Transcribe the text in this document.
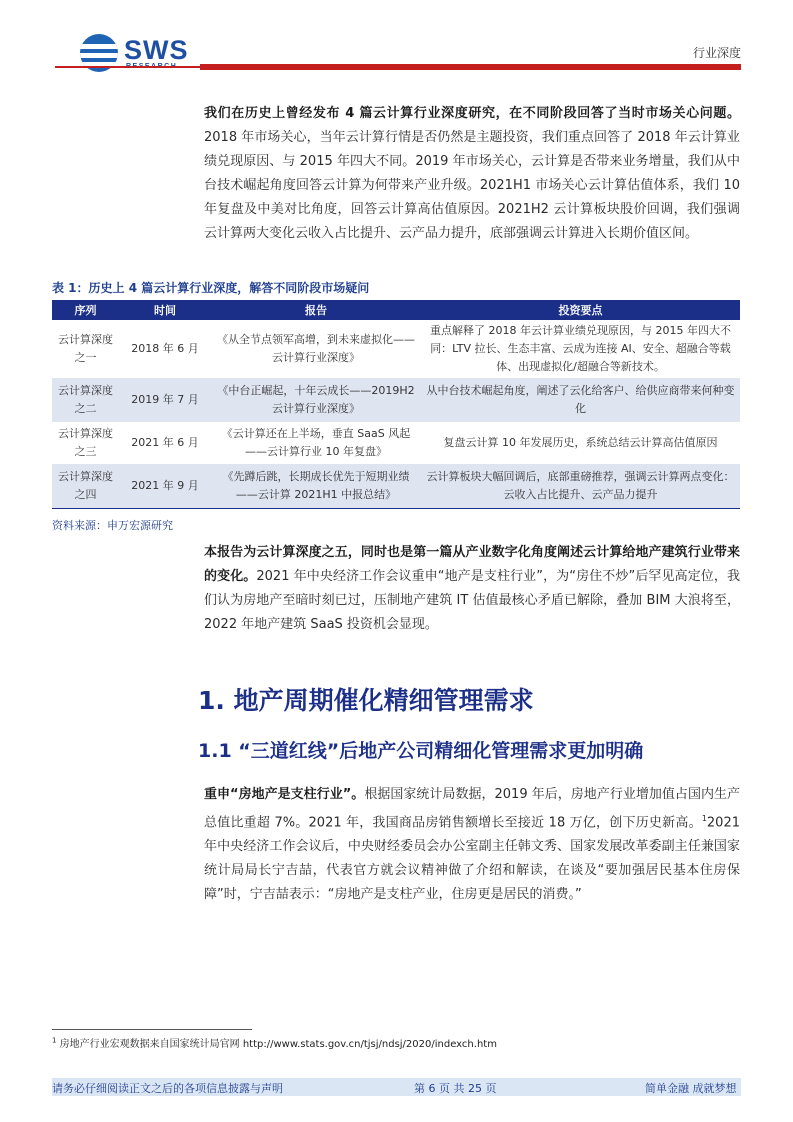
SWS	行业深度
我们在历史上曾经发布 4 篇云计算行业深度研究，在不同阶段回答了当时市场关心问题。2018 年市场关心，当年云计算行情是否仍然是主题投资，我们重点回答了 2018 年云计算业绩兑现原因、与 2015 年四大不同。2019 年市场关心，云计算是否带来业务增量，我们从中台技术崛起角度回答云计算为何带来产业升级。2021H1 市场关心云计算估值体系，我们 10 年复盘及中美对比角度，回答云计算高估值原因。2021H2 云计算板块股价回调，我们强调云计算两大变化云收入占比提升、云产品力提升，底部强调云计算进入长期价值区间。
表 1：历史上 4 篇云计算行业深度，解答不同阶段市场疑问
序列	时间	报告	投资要点
云计算深度之一	2018 年 6 月	《从全节点领军高增，到未来虚拟化——云计算行业深度》	重点解释了 2018 年云计算业绩兑现原因，与 2015 年四大不同：LTV 拉长、生态丰富、云成为连接 AI、安全、超融合等载体、出现虚拟化/超融合等新技术。
云计算深度之二	2019 年 7 月	《中台正崛起，十年云成长——2019H2 云计算行业深度》	从中台技术崛起角度，阐述了云化给客户、给供应商带来何种变化
云计算深度之三	2021 年 6 月	《云计算还在上半场，垂直 SaaS 风起——云计算行业 10 年复盘》	复盘云计算 10 年发展历史，系统总结云计算高估值原因
云计算深度之四	2021 年 9 月	《先蹲后跳，长期成长优先于短期业绩——云计算 2021H1 中报总结》	云计算板块大幅回调后，底部重磅推荐，强调云计算两点变化：云收入占比提升、云产品力提升
资料来源：申万宏源研究
本报告为云计算深度之五，同时也是第一篇从产业数字化角度阐述云计算给地产建筑行业带来的变化。2021 年中央经济工作会议重申“地产是支柱行业”，为“房住不炒”后罕见高定位，我们认为房地产至暗时刻已过，压制地产建筑 IT 估值最核心矛盾已解除，叠加 BIM 大浪将至，2022 年地产建筑 SaaS 投资机会显现。
1. 地产周期催化精细管理需求
1.1 “三道红线”后地产公司精细化管理需求更加明确
重申“房地产是支柱行业”。根据国家统计局数据，2019 年后，房地产行业增加值占国内生产总值比重超 7%。2021 年，我国商品房销售额增长至接近 18 万亿，创下历史新高。$^1$2021 年中央经济工作会议后，中央财经委员会办公室副主任韩文秀、国家发展改革委副主任兼国家统计局局长宁吉喆，代表官方就会议精神做了介绍和解读，在谈及“要加强居民基本住房保障”时，宁吉喆表示：“房地产是支柱产业，住房更是居民的消费。”
$^1$ 房地产行业宏观数据来自国家统计局官网 http://www.stats.gov.cn/tjsj/ndsj/2020/indexch.htm
请务必仔细阅读正文之后的各项信息披露与声明	第 6 页 共 25 页	简单金融 成就梦想
